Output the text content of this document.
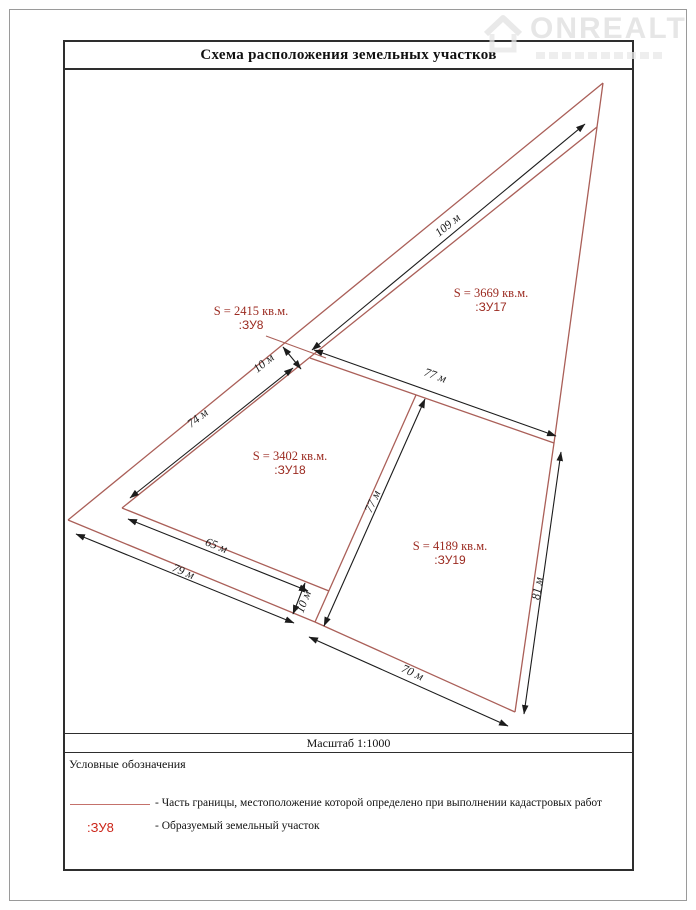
ONREALT
Схема расположения земельных участков
Масштаб 1:1000
Условные обозначения
- Часть границы, местоположение которой определено при выполнении кадастровых работ
:ЗУ8	- Образуемый земельный участок
109 м
74 м
10 м	77 м
77 м
65 м
79 м
10 м
70 м
81 м
S = 2415 кв.м.
:ЗУ8
S = 3669 кв.м.
:ЗУ17
S = 3402 кв.м.
:ЗУ18
S = 4189 кв.м.
:ЗУ19
